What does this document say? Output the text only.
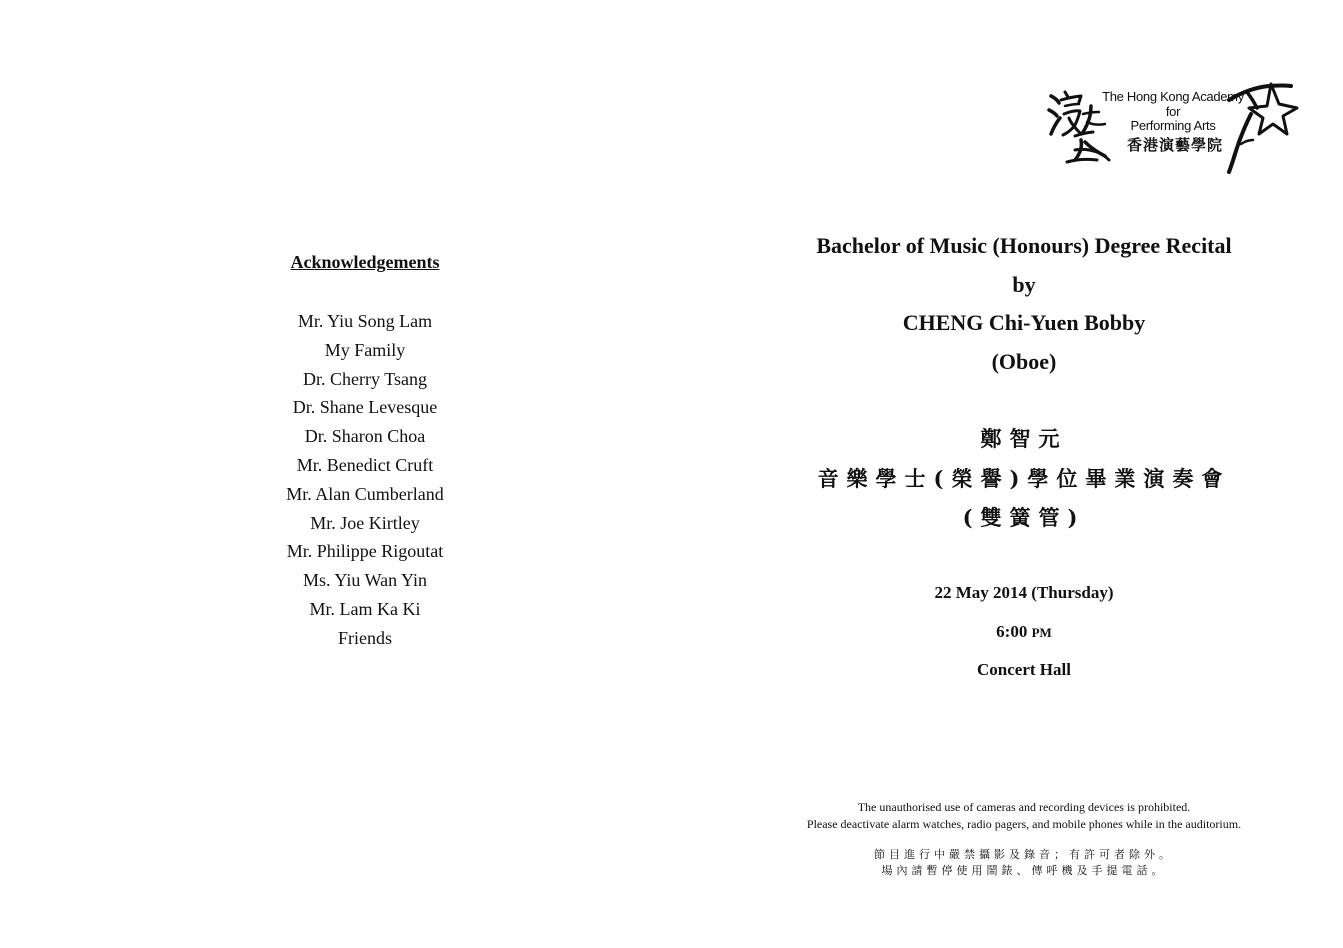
Acknowledgements
Mr. Yiu Song Lam
My Family
Dr. Cherry Tsang
Dr. Shane Levesque
Dr. Sharon Choa
Mr. Benedict Cruft
Mr. Alan Cumberland
Mr. Joe Kirtley
Mr. Philippe Rigoutat
Ms. Yiu Wan Yin
Mr. Lam Ka Ki
Friends
The Hong Kong Academy
for
Performing Arts
香港演藝學院
Bachelor of Music (Honours) Degree Recital
by
CHENG Chi-Yuen Bobby
(Oboe)
鄭智元
音樂學士(榮譽)學位畢業演奏會
(雙簧管)
22 May 2014 (Thursday)
6:00 PM
Concert Hall
The unauthorised use of cameras and recording devices is prohibited.
Please deactivate alarm watches, radio pagers, and mobile phones while in the auditorium.
節目進行中嚴禁攝影及錄音；有許可者除外。
場內請暫停使用鬧錶、傳呼機及手提電話。
